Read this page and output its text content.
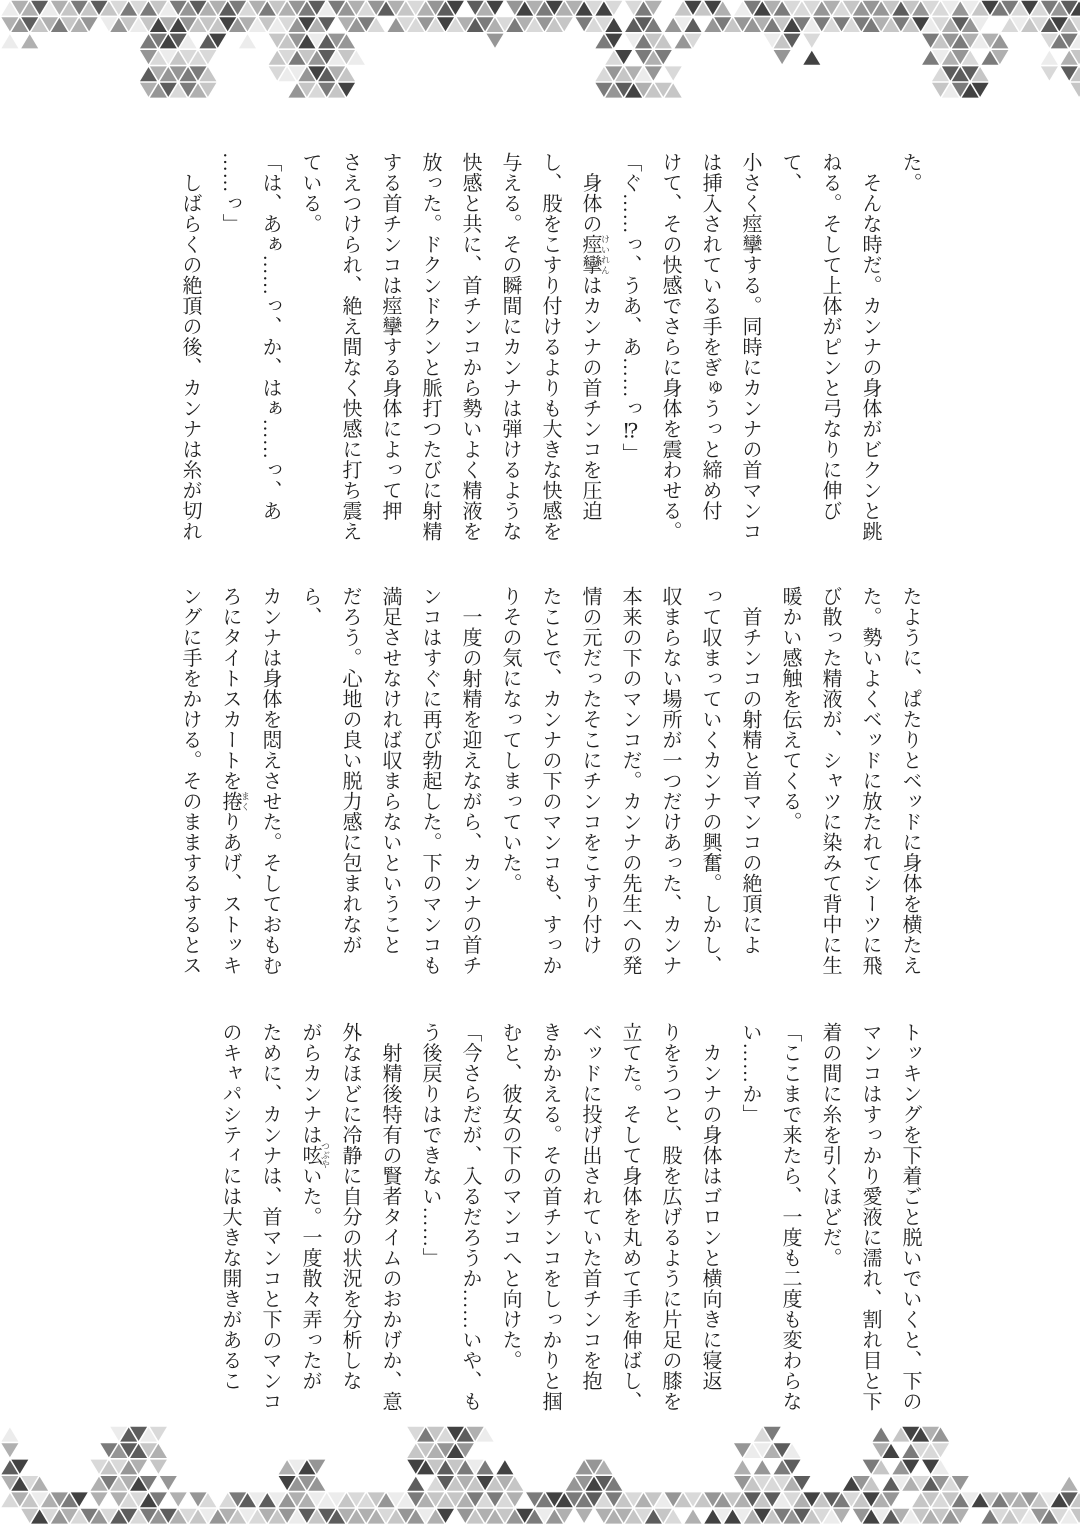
た。
　そんな時だ。カンナの身体がビクンと跳
ねる。そして上体がピンと弓なりに伸びて、
小さく痙攣する。同時にカンナの首マンコ
は挿入されている手をぎゅうっと締め付
けて、その快感でさらに身体を震わせる。
「ぐ……っ、うあ、あ……っ⁉」
　身体の痙攣 けいれんはカンナの首チンコを圧迫
し、股をこすり付けるよりも大きな快感を
与える。その瞬間にカンナは弾けるような
快感と共に、首チンコから勢いよく精液を
放った。ドクンドクンと脈打つたびに射精
する首チンコは痙攣する身体によって押
さえつけられ、絶え間なく快感に打ち震え
ている。
「は、あぁ……っ、か、はぁ……っ、あ
……っ」
　しばらくの絶頂の後、カンナは糸が切れ
たように、ぱたりとベッドに身体を横たえ
た。勢いよくベッドに放たれてシーツに飛
び散った精液が、シャツに染みて背中に生
暖かい感触を伝えてくる。
　首チンコの射精と首マンコの絶頂によ
って収まっていくカンナの興奮。しかし、
収まらない場所が一つだけあった、カンナ
本来の下のマンコだ。カンナの先生への発
情の元だったそこにチンコをこすり付け
たことで、カンナの下のマンコも、すっか
りその気になってしまっていた。
　一度の射精を迎えながら、カンナの首チ
ンコはすぐに再び勃起した。下のマンコも
満足させなければ収まらないということ
だろう。心地の良い脱力感に包まれながら、
カンナは身体を悶えさせた。そしておもむ
ろにタイトスカートを捲 まくりあげ、ストッキ
ングに手をかける。そのままするするとス
トッキングを下着ごと脱いでいくと、下の
マンコはすっかり愛液に濡れ、割れ目と下
着の間に糸を引くほどだ。
「ここまで来たら、一度も二度も変わらな
い……か」
　カンナの身体はゴロンと横向きに寝返
りをうつと、股を広げるように片足の膝を
立てた。そして身体を丸めて手を伸ばし、
ベッドに投げ出されていた首チンコを抱
きかかえる。その首チンコをしっかりと掴
むと、彼女の下のマンコへと向けた。
「今さらだが、入るだろうか……いや、も
う後戻りはできない……」
　射精後特有の賢者タイムのおかげか、意
外なほどに冷静に自分の状況を分析しな
がらカンナは呟 つぶやいた。一度散々弄ったが
ために、カンナは、首マンコと下のマンコ
のキャパシティには大きな開きがあるこ
